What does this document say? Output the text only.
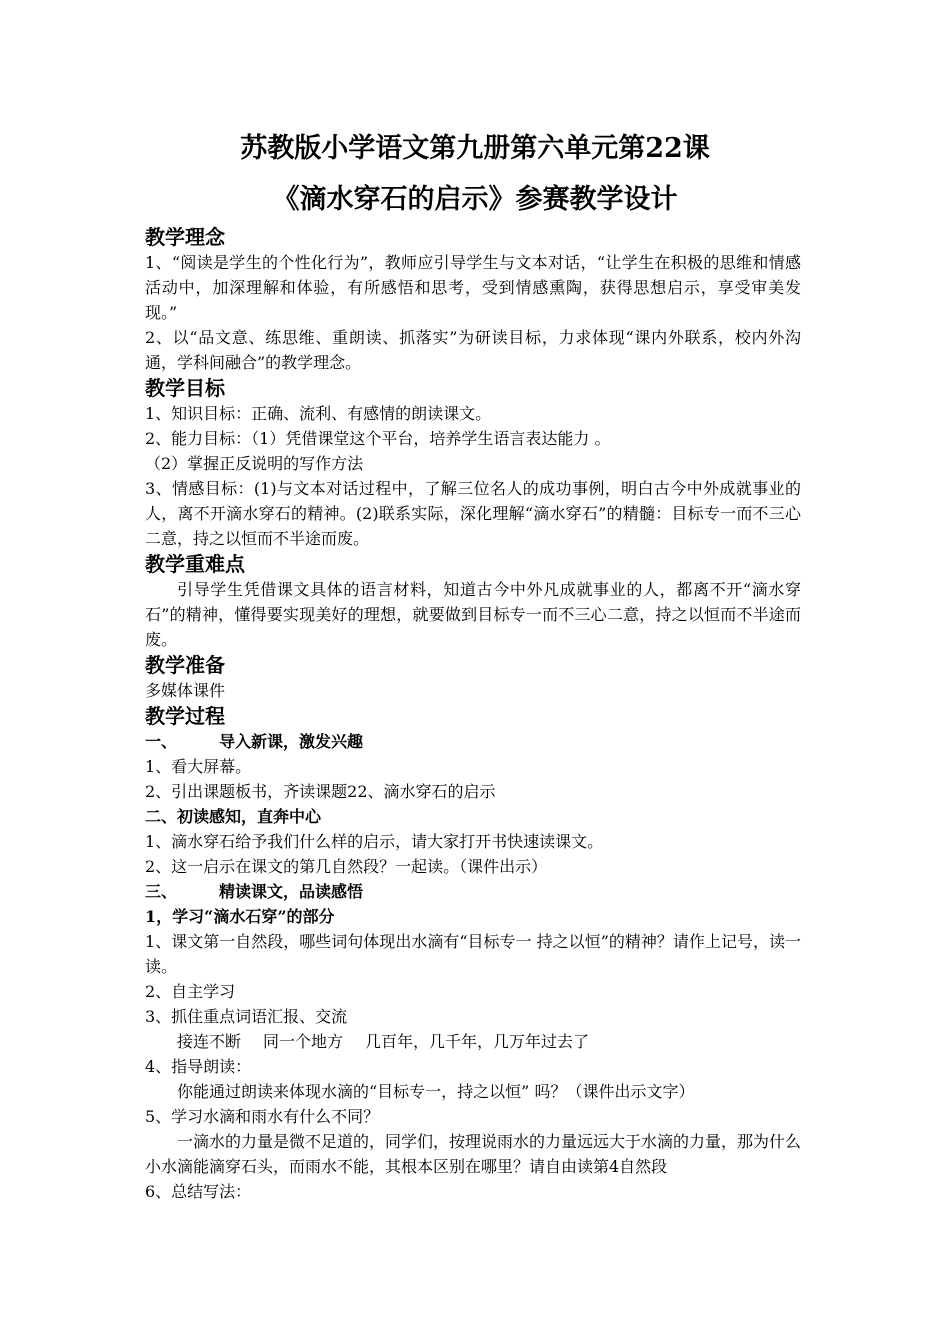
苏教版小学语文第九册第六单元第22课
《滴水穿石的启示》参赛教学设计
教学理念

1、“阅读是学生的个性化行为”，教师应引导学生与文本对话，“让学生在积极的思维和情感活动中，加深理解和体验，有所感悟和思考，受到情感熏陶，获得思想启示，享受审美发现。”

2、以“品文意、练思维、重朗读、抓落实”为研读目标，力求体现“课内外联系，校内外沟通，学科间融合”的教学理念。

教学目标

1、知识目标：正确、流利、有感情的朗读课文。

2、能力目标：（1）凭借课堂这个平台，培养学生语言表达能力 。

（2）掌握正反说明的写作方法

3、情感目标：(1)与文本对话过程中，了解三位名人的成功事例，明白古今中外成就事业的人，离不开滴水穿石的精神。(2)联系实际，深化理解“滴水穿石”的精髓：目标专一而不三心二意，持之以恒而不半途而废。

教学重难点

引导学生凭借课文具体的语言材料，知道古今中外凡成就事业的人，都离不开“滴水穿石”的精神，懂得要实现美好的理想，就要做到目标专一而不三心二意，持之以恒而不半途而废。

教学准备

多媒体课件

教学过程

一、	导入新课，激发兴趣

1、看大屏幕。

2、引出课题板书，齐读课题22、滴水穿石的启示

二、初读感知，直奔中心

1、滴水穿石给予我们什么样的启示，请大家打开书快速读课文。

2、这一启示在课文的第几自然段？一起读。（课件出示）

三、	精读课文，品读感悟

1，学习“滴水石穿”的部分

1、课文第一自然段，哪些词句体现出水滴有“目标专一 持之以恒”的精神？请作上记号，读一读。

2、自主学习

3、抓住重点词语汇报、交流

接连不断 同一个地方 几百年，几千年，几万年过去了

4、指导朗读：

你能通过朗读来体现水滴的“目标专一，持之以恒” 吗？（课件出示文字）

5、学习水滴和雨水有什么不同？

一滴水的力量是微不足道的，同学们，按理说雨水的力量远远大于水滴的力量，那为什么小水滴能滴穿石头，而雨水不能，其根本区别在哪里？请自由读第4自然段

6、总结写法：
